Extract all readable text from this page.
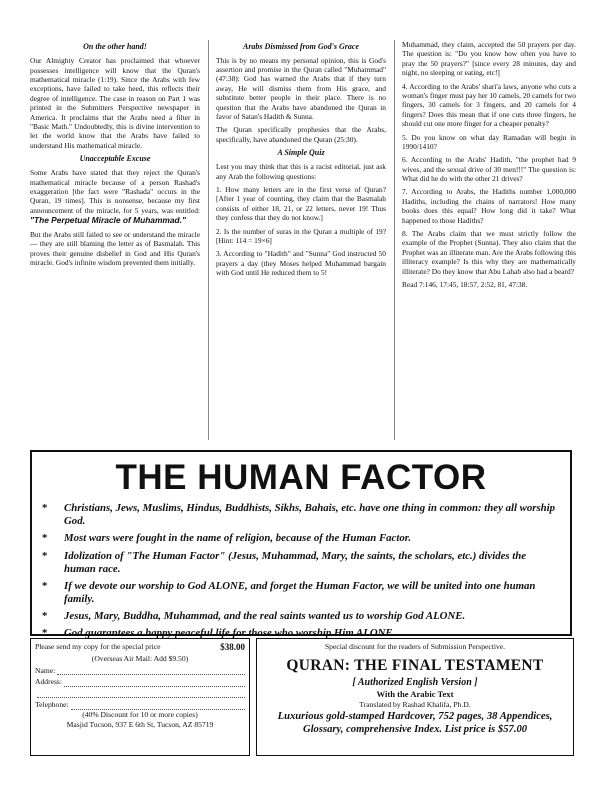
On the other hand!

Our Almighty Creator has proclaimed that whoever possesses intelligence will know that the Quran's mathematical miracle (1:19). Since the Arabs with few exceptions, have failed to take heed, this reflects their degree of intelligence. The case in reason on Part 1 was printed in the Submitters Perspective newspaper in America. It proclaims that the Arabs need a filter in "Basic Math." Undoubtedly, this is divine intervention to let the world know that the Arabs have failed to understand His mathematical miracle.

Unacceptable Excuse

Some Arabs have stated that they reject the Quran's mathematical miracle because of a person Rashad's exaggeration [the fact were "Rashada" occurs in the Quran, 19 times]. This is nonsense, because my first announcement of the miracle, for 5 years, was entitled: "The Perpetual Miracle of Muhammad."

But the Arabs still failed to see or understand the miracle — they are still blaming the letter as of Basmalah. This proves their genuine disbelief in God and His Quran's miracle. God's infinite wisdom prevented them initially.

Arabs Dismissed from God's Grace

This is by no means my personal opinion, this is God's assertion and promise in the Quran called "Muhammad" (47:38): God has warned the Arabs that if they turn away, He will dismiss them from His grace, and substitute better people in their place. There is no question that the Arabs have abandoned the Quran in favor of Satan's Hadith & Sunna.

The Quran specifically prophesies that the Arabs, specifically, have abandoned the Quran (25:30).

A Simple Quiz

Lest you may think that this is a racist editorial, just ask any Arab the following questions:

1. How many letters are in the first verse of Quran? [After 1 year of counting, they claim that the Basmalah consists of either 18, 21, or 22 letters, never 19! Thus they confess that they do not know.]

2. Is the number of suras in the Quran a multiple of 19? [Hint: 114 = 19×6]

3. According to "Hadith" and "Sunna" God instructed 50 prayers a day (they Moses helped Muhammad bargain with God until He reduced them to 5!

Muhammad, they claim, accepted the 50 prayers per day. The question is: "Do you know how often you have to pray the 50 prayers?" [since every 28 minutes, day and night, no sleeping or eating, etc!]

4. According to the Arabs' shari'a laws, anyone who cuts a woman's finger must pay her 10 camels, 20 camels for two fingers, 30 camels for 3 fingers, and 20 camels for 4 fingers? Does this mean that if one cuts three fingers, he should cut one more finger for a cheaper penalty?

5. Do you know on what day Ramadan will begin in 1990/1410?

6. According to the Arabs' Hadith, "the prophet had 9 wives, and the sexual drive of 30 men!!!" The question is: What did he do with the other 21 drives?

7. According to Arabs, the Hadiths number 1,000,000 Hadiths, including the chains of narrators! How many books does this equal? How long did it take? What happened to those Hadiths?

8. The Arabs claim that we must strictly follow the example of the Prophet (Sunna). They also claim that the Prophet was an illiterate man. Are the Arabs following this illiteracy example? Is this why they are mathematically illiterate? Do they know that Abu Lahab also had a beard?

Read 7:146, 17:45, 18:57, 2:52, 81, 47:38.

THE HUMAN FACTOR
* Christians, Jews, Muslims, Hindus, Buddhists, Sikhs, Bahais, etc. have one thing in common: they all worship God.
* Most wars were fought in the name of religion, because of the Human Factor.
* Idolization of "The Human Factor" (Jesus, Muhammad, Mary, the saints, the scholars, etc.) divides the human race.
* If we devote our worship to God ALONE, and forget the Human Factor, we will be united into one human family.
* Jesus, Mary, Buddha, Muhammad, and the real saints wanted us to worship God ALONE.
* God guarantees a happy peaceful life for those who worship Him ALONE.
Please send my copy for the special price	$38.00
(Overseas Air Mail: Add $9.50)
Name:
Address:
Telephone:
(40% Discount for 10 or more copies)
Masjid Tucson, 937 E 6th St, Tucson, AZ 85719
Special discount for the readers of Submission Perspective.
QURAN: THE FINAL TESTAMENT
[ Authorized English Version ]
With the Arabic Text
Translated by Rashad Khalifa, Ph.D.
Luxurious gold-stamped Hardcover, 752 pages, 38 Appendices, Glossary, comprehensive Index. List price is $57.00
